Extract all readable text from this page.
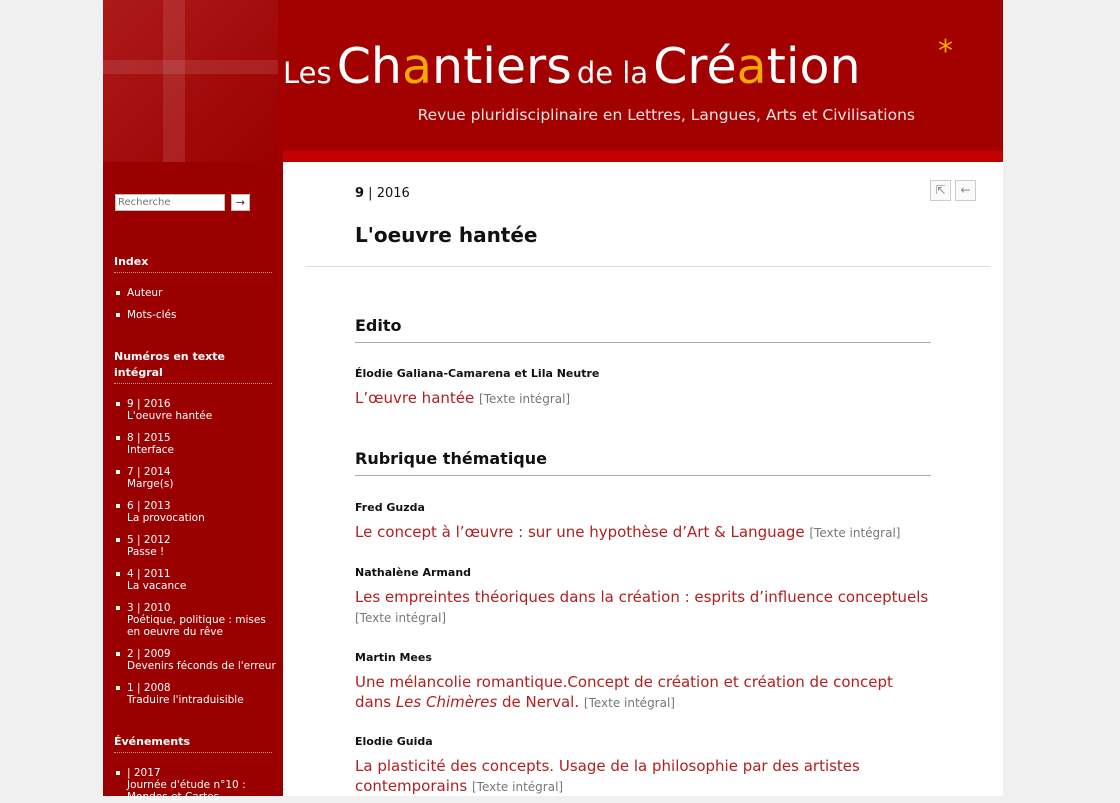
Les Chantiers de la Création	*
Revue pluridisciplinaire en Lettres, Langues, Arts et Civilisations
Recherche
→
Index
Auteur
Mots-clés
Numéros en texte
intégral
9 | 2016
L'oeuvre hantée
8 | 2015
Interface
7 | 2014
Marge(s)
6 | 2013
La provocation
5 | 2012
Passe !
4 | 2011
La vacance
3 | 2010
Poétique, politique : mises en oeuvre du rêve
2 | 2009
Devenirs féconds de l'erreur
1 | 2008
Traduire l'intraduisible
Événements
| 2017
Journée d'étude n°10 : Mondes et Cartes
9 | 2016	⇱	←
L'oeuvre hantée
Edito
Élodie Galiana-Camarena et Lila Neutre
L’œuvre hantée [Texte intégral]
Rubrique thématique
Fred Guzda
Le concept à l’œuvre : sur une hypothèse d’Art & Language [Texte intégral]
Nathalène Armand
Les empreintes théoriques dans la création : esprits d’influence conceptuels
[Texte intégral]
Martin Mees
Une mélancolie romantique.Concept de création et création de concept dans Les Chimères de Nerval. [Texte intégral]
Elodie Guida
La plasticité des concepts. Usage de la philosophie par des artistes contemporains [Texte intégral]
